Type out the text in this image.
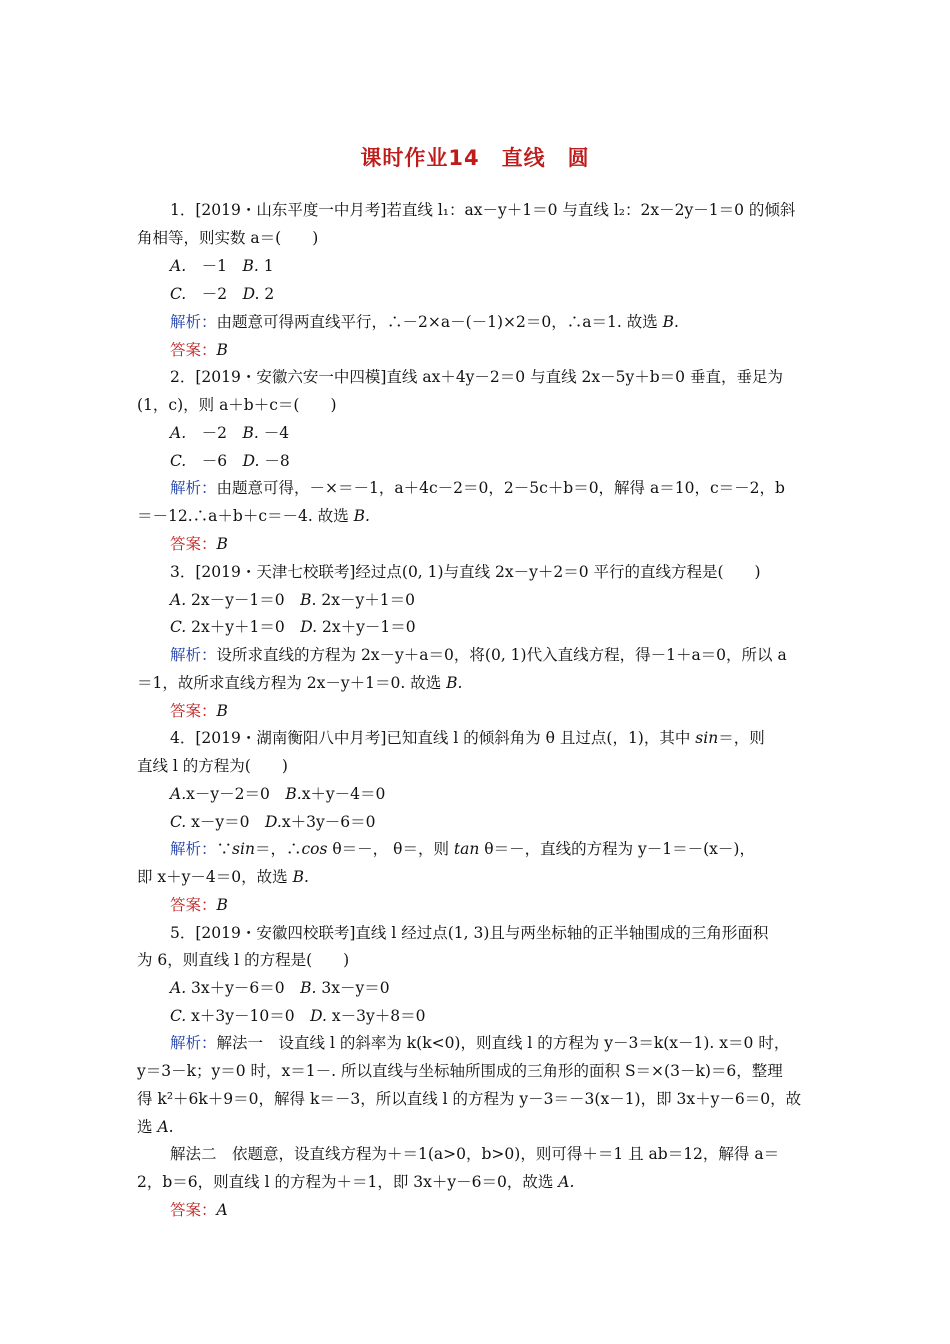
课时作业14　直线　圆
1．[2019・山东平度一中月考]若直线 l₁：ax－y＋1＝0 与直线 l₂：2x－2y－1＝0 的倾斜
角相等，则实数 a＝(　　)
A.　－1　B. 1
C.　－2　D. 2
解析：由题意可得两直线平行，∴－2×a－(－1)×2＝0，∴a＝1. 故选 B.
答案：B
2．[2019・安徽六安一中四模]直线 ax＋4y－2＝0 与直线 2x－5y＋b＝0 垂直，垂足为
(1，c)，则 a＋b＋c＝(　　)
A.　－2　B. －4
C.　－6　D. －8
解析：由题意可得，－×＝－1，a＋4c－2＝0，2－5c＋b＝0，解得 a＝10，c＝－2，b
＝－12.∴a＋b＋c＝－4. 故选 B.
答案：B
3．[2019・天津七校联考]经过点(0, 1)与直线 2x－y＋2＝0 平行的直线方程是(　　)
A. 2x－y－1＝0　B. 2x－y＋1＝0
C. 2x＋y＋1＝0　D. 2x＋y－1＝0
解析：设所求直线的方程为 2x－y＋a＝0，将(0, 1)代入直线方程，得－1＋a＝0，所以 a
＝1，故所求直线方程为 2x－y＋1＝0. 故选 B.
答案：B
4．[2019・湖南衡阳八中月考]已知直线 l 的倾斜角为 θ 且过点(，1)，其中 sin＝，则
直线 l 的方程为(　　)
A.x－y－2＝0　B.x＋y－4＝0
C. x－y＝0　D.x＋3y－6＝0
解析：∵sin＝，∴cos θ＝－， θ＝，则 tan θ＝－，直线的方程为 y－1＝－(x－)，
即 x＋y－4＝0，故选 B.
答案：B
5．[2019・安徽四校联考]直线 l 经过点(1, 3)且与两坐标轴的正半轴围成的三角形面积
为 6，则直线 l 的方程是(　　)
A. 3x＋y－6＝0　B. 3x－y＝0
C. x＋3y－10＝0　D. x－3y＋8＝0
解析：解法一　设直线 l 的斜率为 k(k<0)，则直线 l 的方程为 y－3＝k(x－1). x＝0 时，
y＝3－k；y＝0 时，x＝1－. 所以直线与坐标轴所围成的三角形的面积 S＝×(3－k)＝6，整理
得 k²＋6k＋9＝0，解得 k＝－3，所以直线 l 的方程为 y－3＝－3(x－1)，即 3x＋y－6＝0，故
选 A.
解法二　依题意，设直线方程为＋＝1(a>0，b>0)，则可得＋＝1 且 ab＝12，解得 a＝
2，b＝6，则直线 l 的方程为＋＝1，即 3x＋y－6＝0，故选 A.
答案：A
